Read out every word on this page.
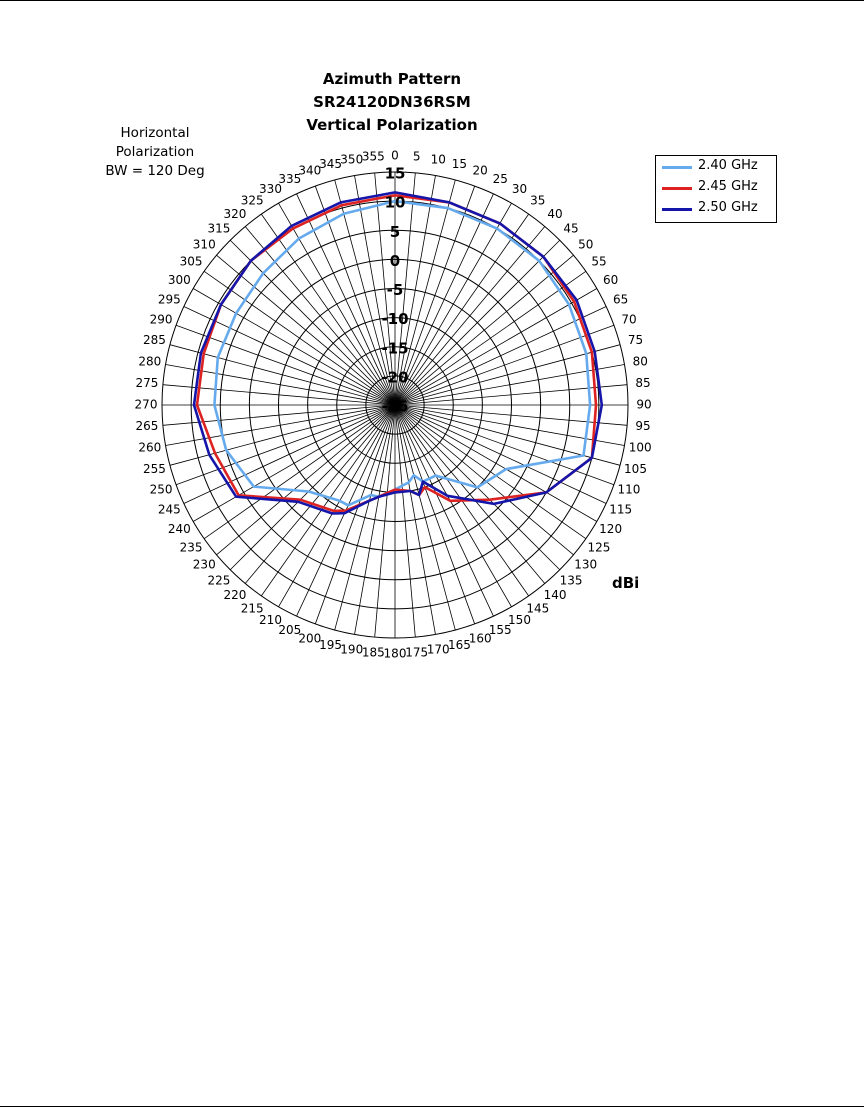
Azimuth Pattern
SR24120DN36RSM
Vertical Polarization
Horizontal
Polarization
BW = 120 Deg	2.40 GHz
2.45 GHz
2.50 GHz
dBi
0 5 10 15 20
25
30
35
40
45
50
55
60
65
70
75
80
85
90
95
100
105
110
115
120
125
130
135
140
145
150
155
160
165
170
175
180
185
190
195
200
205
210
215
220
225
230
235
240
245
250
255
260
265
270
275
280
285
290
295
300
305
310
315
320
325
330
335
340
345
350
355
15
10
5
0
-5
-10
-15
-20
-25
